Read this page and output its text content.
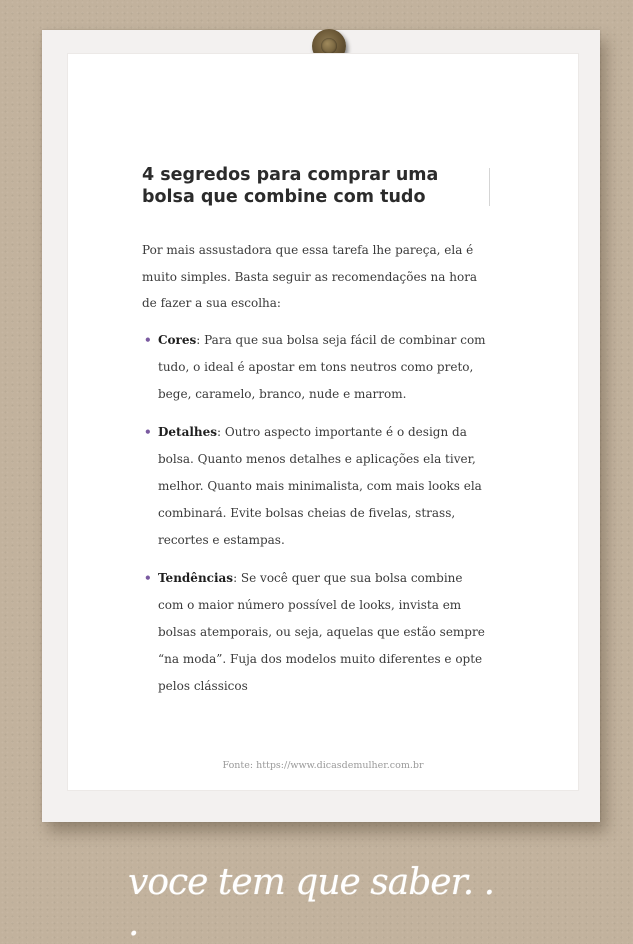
4 segredos para comprar uma bolsa que combine com tudo

Por mais assustadora que essa tarefa lhe pareça, ela é muito simples. Basta seguir as recomendações na hora de fazer a sua escolha:

• Cores: Para que sua bolsa seja fácil de combinar com tudo, o ideal é apostar em tons neutros como preto, bege, caramelo, branco, nude e marrom.
• Detalhes: Outro aspecto importante é o design da bolsa. Quanto menos detalhes e aplicações ela tiver, melhor. Quanto mais minimalista, com mais looks ela combinará. Evite bolsas cheias de fivelas, strass, recortes e estampas.
• Tendências: Se você quer que sua bolsa combine com o maior número possível de looks, invista em bolsas atemporais, ou seja, aquelas que estão sempre “na moda”. Fuja dos modelos muito diferentes e opte pelos clássicos
Fonte: https://www.dicasdemulher.com.br
voce tem que saber. . .
